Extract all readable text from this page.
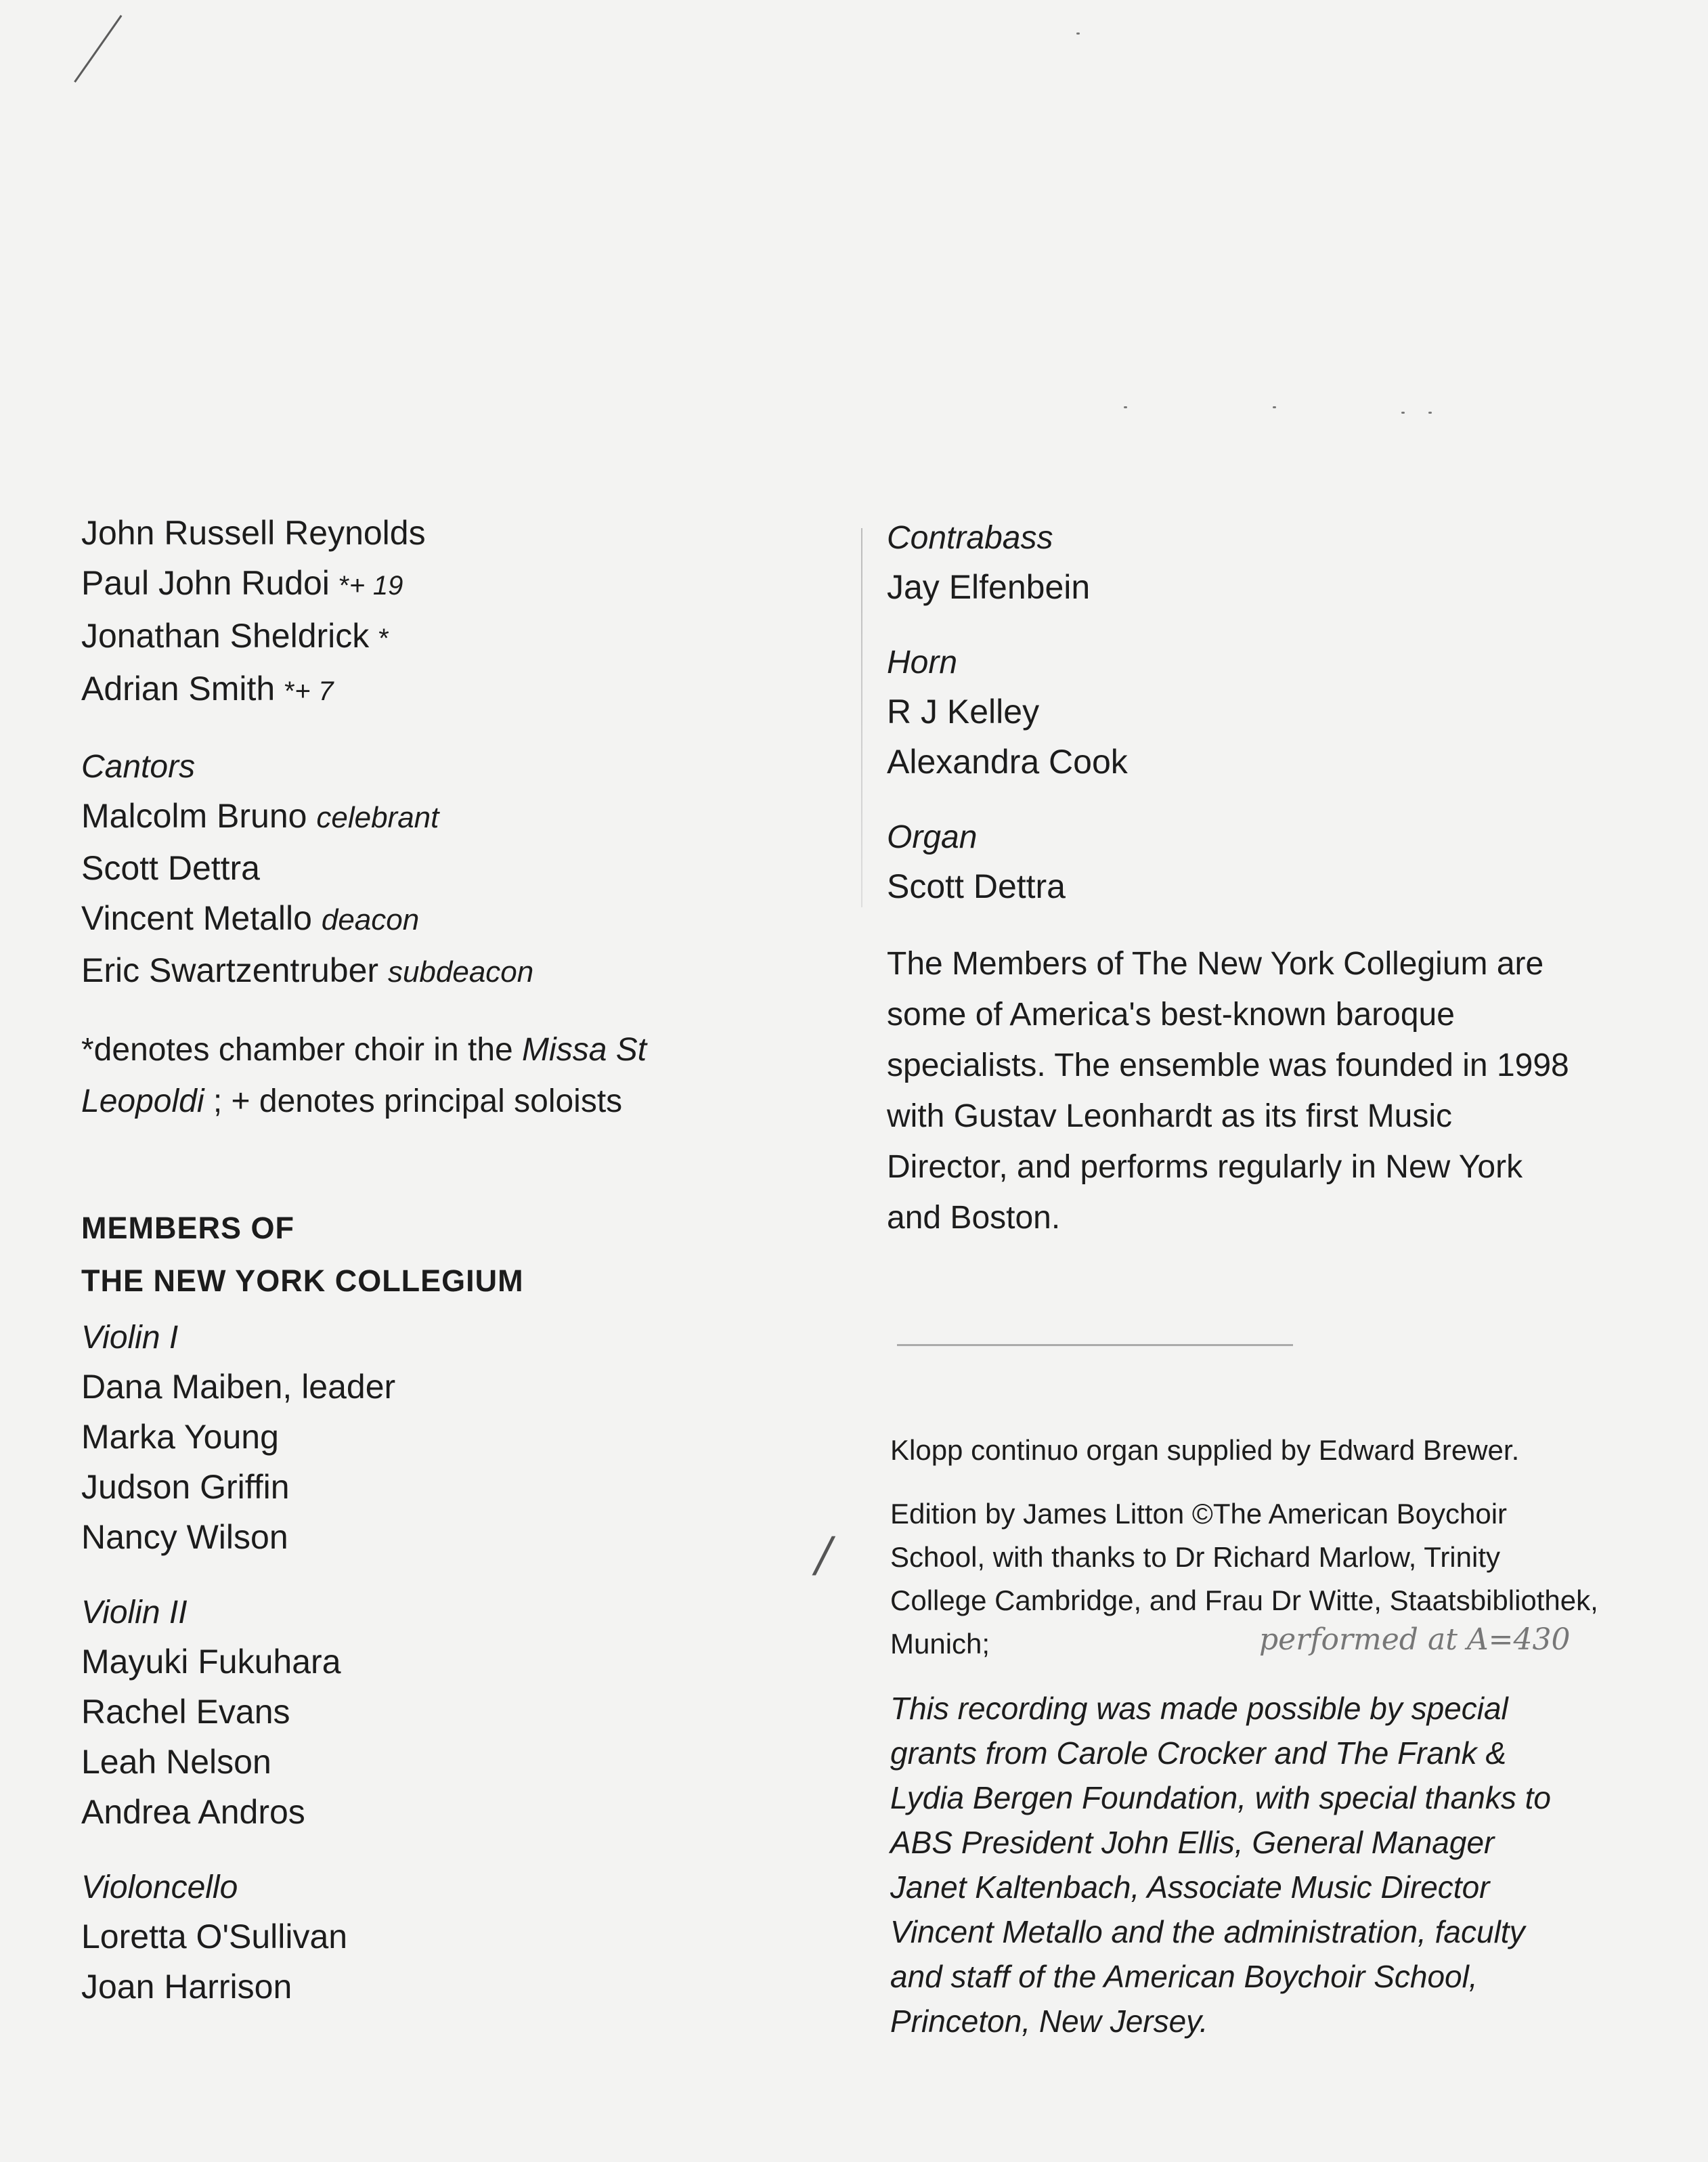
John Russell Reynolds
Paul John Rudoi *+ 19
Jonathan Sheldrick *
Adrian Smith *+ 7
Cantors
Malcolm Bruno celebrant
Scott Dettra
Vincent Metallo deacon
Eric Swartzentruber subdeacon
*denotes chamber choir in the Missa St
Leopoldi ; + denotes principal soloists
MEMBERS OF
THE NEW YORK COLLEGIUM
Violin I
Dana Maiben, leader
Marka Young
Judson Griffin
Nancy Wilson
Violin II
Mayuki Fukuhara
Rachel Evans
Leah Nelson
Andrea Andros
Violoncello
Loretta O'Sullivan
Joan Harrison
Contrabass
Jay Elfenbein
Horn
R J Kelley
Alexandra Cook
Organ
Scott Dettra
The Members of The New York Collegium are some of America's best-known baroque specialists. The ensemble was founded in 1998 with Gustav Leonhardt as its first Music Director, and performs regularly in New York and Boston.
Klopp continuo organ supplied by Edward Brewer.
Edition by James Litton ©The American Boychoir School, with thanks to Dr Richard Marlow, Trinity College Cambridge, and Frau Dr Witte, Staatsbibliothek, Munich;
This recording was made possible by special grants from Carole Crocker and The Frank & Lydia Bergen Foundation, with special thanks to ABS President John Ellis, General Manager Janet Kaltenbach, Associate Music Director Vincent Metallo and the administration, faculty and staff of the American Boychoir School, Princeton, New Jersey.
performed at A=430
/
